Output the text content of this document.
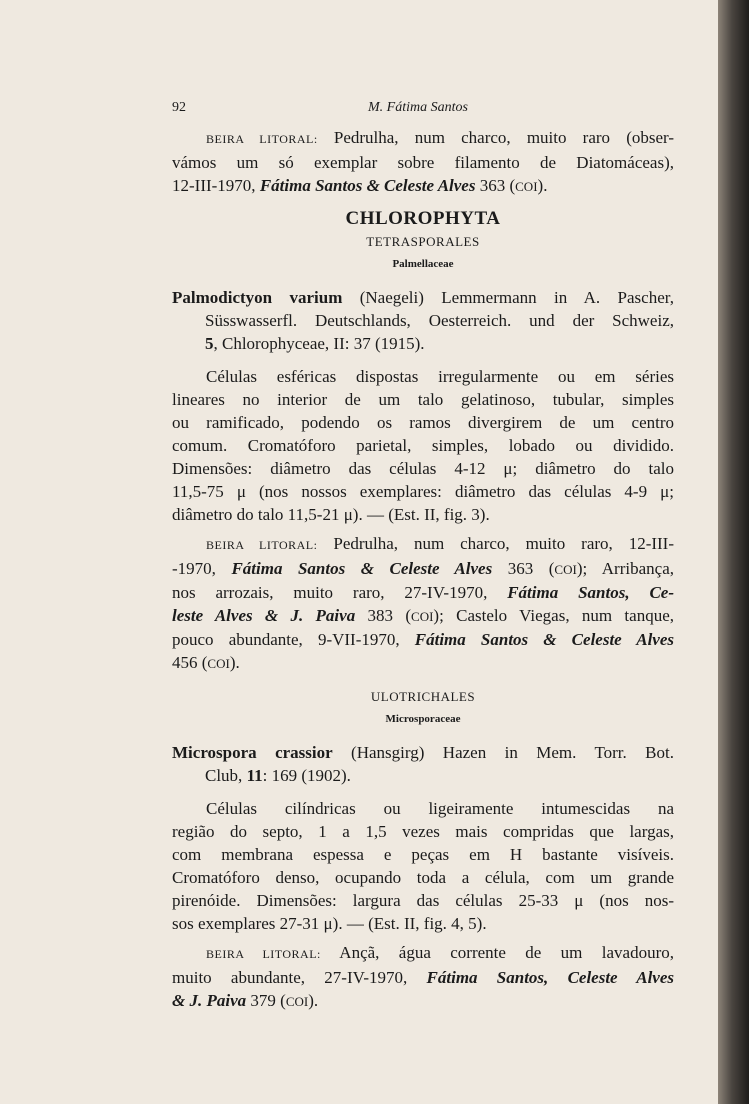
92	M. Fátima Santos
BEIRA LITORAL: Pedrulha, num charco, muito raro (obser-
vámos um só exemplar sobre filamento de Diatomáceas),
12-III-1970, Fátima Santos & Celeste Alves 363 (COI).
CHLOROPHYTA
TETRASPORALES
Palmellaceae
Palmodictyon varium (Naegeli) Lemmermann in A. Pascher,
Süsswasserfl. Deutschlands, Oesterreich. und der Schweiz,
5, Chlorophyceae, II: 37 (1915).
Células esféricas dispostas irregularmente ou em séries
lineares no interior de um talo gelatinoso, tubular, simples
ou ramificado, podendo os ramos divergirem de um centro
comum. Cromatóforo parietal, simples, lobado ou dividido.
Dimensões: diâmetro das células 4-12 μ; diâmetro do talo
11,5-75 μ (nos nossos exemplares: diâmetro das células 4-9 μ;
diâmetro do talo 11,5-21 μ). — (Est. II, fig. 3).
BEIRA LITORAL: Pedrulha, num charco, muito raro, 12-III-
-1970, Fátima Santos & Celeste Alves 363 (COI); Arribança,
nos arrozais, muito raro, 27-IV-1970, Fátima Santos, Ce-
leste Alves & J. Paiva 383 (COI); Castelo Viegas, num tanque,
pouco abundante, 9-VII-1970, Fátima Santos & Celeste Alves
456 (COI).
ULOTRICHALES
Microsporaceae
Microspora crassior (Hansgirg) Hazen in Mem. Torr. Bot.
Club, 11: 169 (1902).
Células cilíndricas ou ligeiramente intumescidas na
região do septo, 1 a 1,5 vezes mais compridas que largas,
com membrana espessa e peças em H bastante visíveis.
Cromatóforo denso, ocupando toda a célula, com um grande
pirenóide. Dimensões: largura das células 25-33 μ (nos nos-
sos exemplares 27-31 μ). — (Est. II, fig. 4, 5).
BEIRA LITORAL: Ançã, água corrente de um lavadouro,
muito abundante, 27-IV-1970, Fátima Santos, Celeste Alves
& J. Paiva 379 (COI).
